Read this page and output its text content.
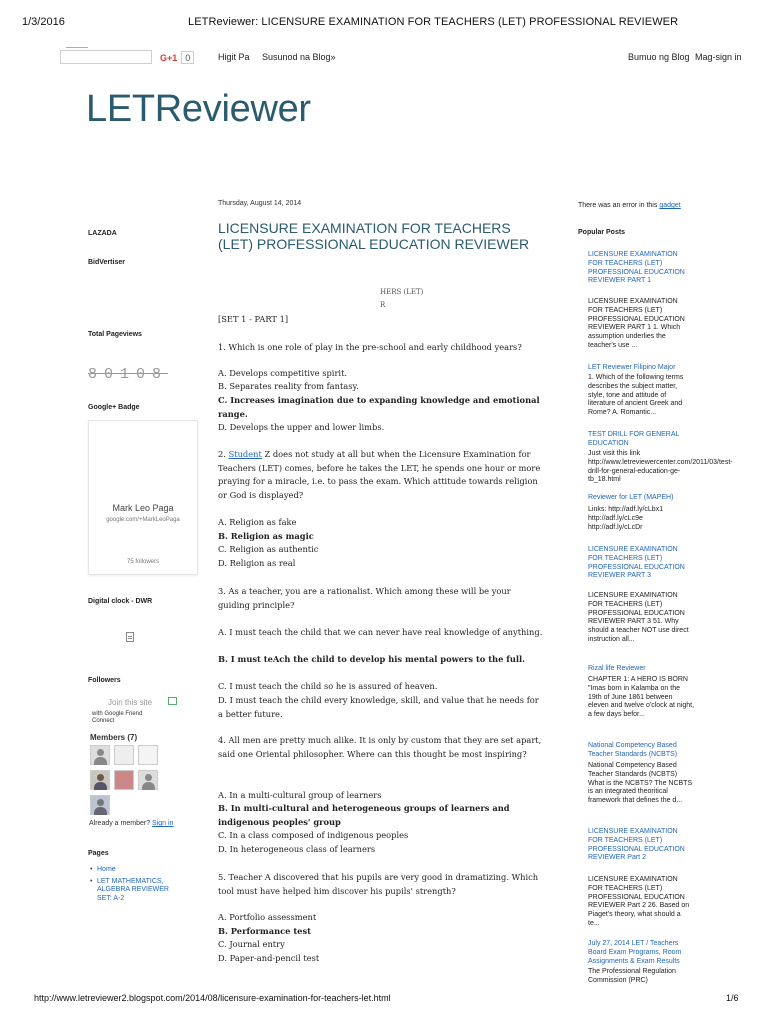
1/3/2016	LETReviewer: LICENSURE EXAMINATION FOR TEACHERS (LET) PROFESSIONAL REVIEWER
G+1 0	Higit Pa Susunod na Blog»	Bumuo ng Blog Mag-sign in
LETReviewer
LAZADA
BidVertiser
Total Pageviews
80108
Google+ Badge
Mark Leo Paga
google.com/+MarkLeoPaga
75 followers
Digital clock - DWR
Followers
Join this site
with Google Friend Connect
Members (7)
Already a member? Sign in
Pages
• Home
• LET MATHEMATICS, ALGEBRA REVIEWER SET: A-2
Thursday, August 14, 2014
LICENSURE EXAMINATION FOR TEACHERS (LET) PROFESSIONAL EDUCATION REVIEWER
HERS (LET)
R
[SET 1 - PART 1]
1. Which is one role of play in the pre-school and early childhood years?
A. Develops competitive spirit.
B. Separates reality from fantasy.
C. Increases imagination due to expanding knowledge and emotional range.
D. Develops the upper and lower limbs.
2. Student Z does not study at all but when the Licensure Examination for Teachers (LET) comes, before he takes the LET, he spends one hour or more praying for a miracle, i.e. to pass the exam. Which attitude towards religion or God is displayed?
A. Religion as fake
B. Religion as magic
C. Religion as authentic
D. Religion as real
3. As a teacher, you are a rationalist. Which among these will be your guiding principle?
A. I must teach the child that we can never have real knowledge of anything.
B. I must teAch the child to develop his mental powers to the full.
C. I must teach the child so he is assured of heaven.
D. I must teach the child every knowledge, skill, and value that he needs for a better future.
4. All men are pretty much alike. It is only by custom that they are set apart, said one Oriental philosopher. Where can this thought be most inspiring?
A. In a multi-cultural group of learners
B. In multi-cultural and heterogeneous groups of learners and indigenous peoples' group
C. In a class composed of indigenous peoples
D. In heterogeneous class of learners
5. Teacher A discovered that his pupils are very good in dramatizing. Which tool must have helped him discover his pupils' strength?
A. Portfolio assessment
B. Performance test
C. Journal entry
D. Paper-and-pencil test
There was an error in this gadget
Popular Posts
LICENSURE EXAMINATION FOR TEACHERS (LET) PROFESSIONAL EDUCATION REVIEWER PART 1
LICENSURE EXAMINATION FOR TEACHERS (LET) PROFESSIONAL EDUCATION REVIEWER PART 1 1. Which assumption underlies the teacher's use ...
LET Reviewer Filipino Major
1. Which of the following terms describes the subject matter, style, tone and attitude of literature of ancient Greek and Rome? A. Romantic...
TEST DRILL FOR GENERAL EDUCATION
Just visit this link http://www.letreviewercenter.com/2011/03/test-drill-for-general-education-ge-tb_18.html
Reviewer for LET (MAPEH)
Links: http://adf.ly/cLbx1 http://adf.ly/cLc9e http://adf.ly/cLcDr
LICENSURE EXAMINATION FOR TEACHERS (LET) PROFESSIONAL EDUCATION REVIEWER PART 3
LICENSURE EXAMINATION FOR TEACHERS (LET) PROFESSIONAL EDUCATION REVIEWER PART 3 51. Why should a teacher NOT use direct instruction all...
Rizal life Reviewer
CHAPTER 1: A HERO IS BORN "Imas born in Kalamba on the 19th of June 1861 between eleven and twelve o'clock at night, a few days befor...
National Competency Based Teacher Standards (NCBTS)
National Competency Based Teacher Standards (NCBTS) What is the NCBTS? The NCBTS is an integrated theoritical framework that defines the d...
LICENSURE EXAMINATION FOR TEACHERS (LET) PROFESSIONAL EDUCATION REVIEWER Part 2
LICENSURE EXAMINATION FOR TEACHERS (LET) PROFESSIONAL EDUCATION REVIEWER Part 2 26. Based on Piaget's theory, what should a te...
July 27, 2014 LET / Teachers Board Exam Programs, Room Assignments & Exam Results
The Professional Regulation Commission (PRC)
http://www.letreviewer2.blogspot.com/2014/08/licensure-examination-for-teachers-let.html	1/6
